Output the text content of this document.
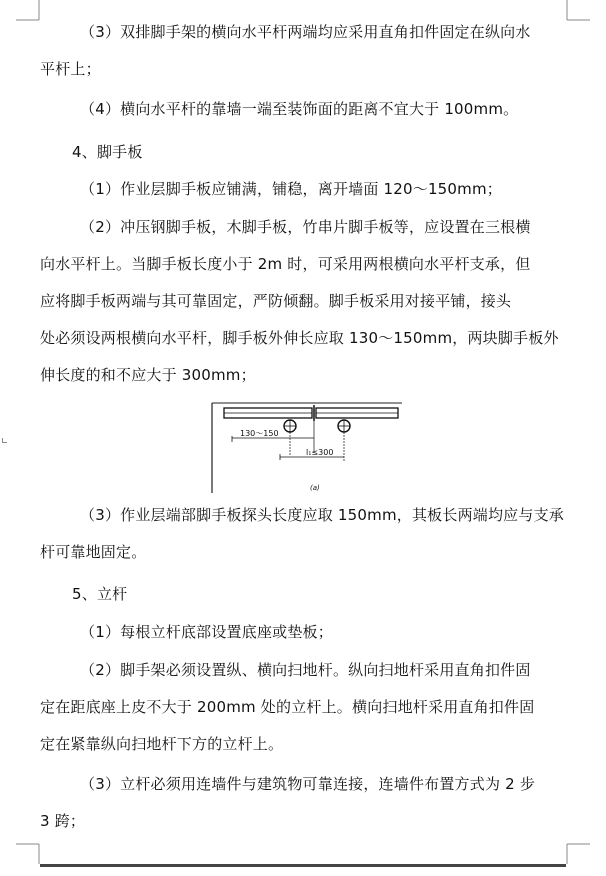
（3）双排脚手架的横向水平杆两端均应采用直角扣件固定在纵向水
平杆上；
（4）横向水平杆的靠墙一端至装饰面的距离不宜大于 100mm。
4、脚手板
（1）作业层脚手板应铺满，铺稳，离开墙面 120～150mm；
（2）冲压钢脚手板，木脚手板，竹串片脚手板等，应设置在三根横
向水平杆上。当脚手板长度小于 2m 时，可采用两根横向水平杆支承，但
应将脚手板两端与其可靠固定，严防倾翻。脚手板采用对接平铺，接头
处必须设两根横向水平杆，脚手板外伸长应取 130～150mm，两块脚手板外
伸长度的和不应大于 300mm；
130～150
l₁≤300
(a)
（3）作业层端部脚手板探头长度应取 150mm，其板长两端均应与支承
杆可靠地固定。
5、立杆
（1）每根立杆底部设置底座或垫板；
（2）脚手架必须设置纵、横向扫地杆。纵向扫地杆采用直角扣件固
定在距底座上皮不大于 200mm 处的立杆上。横向扫地杆采用直角扣件固
定在紧靠纵向扫地杆下方的立杆上。
（3）立杆必须用连墙件与建筑物可靠连接，连墙件布置方式为 2 步
3 跨；
